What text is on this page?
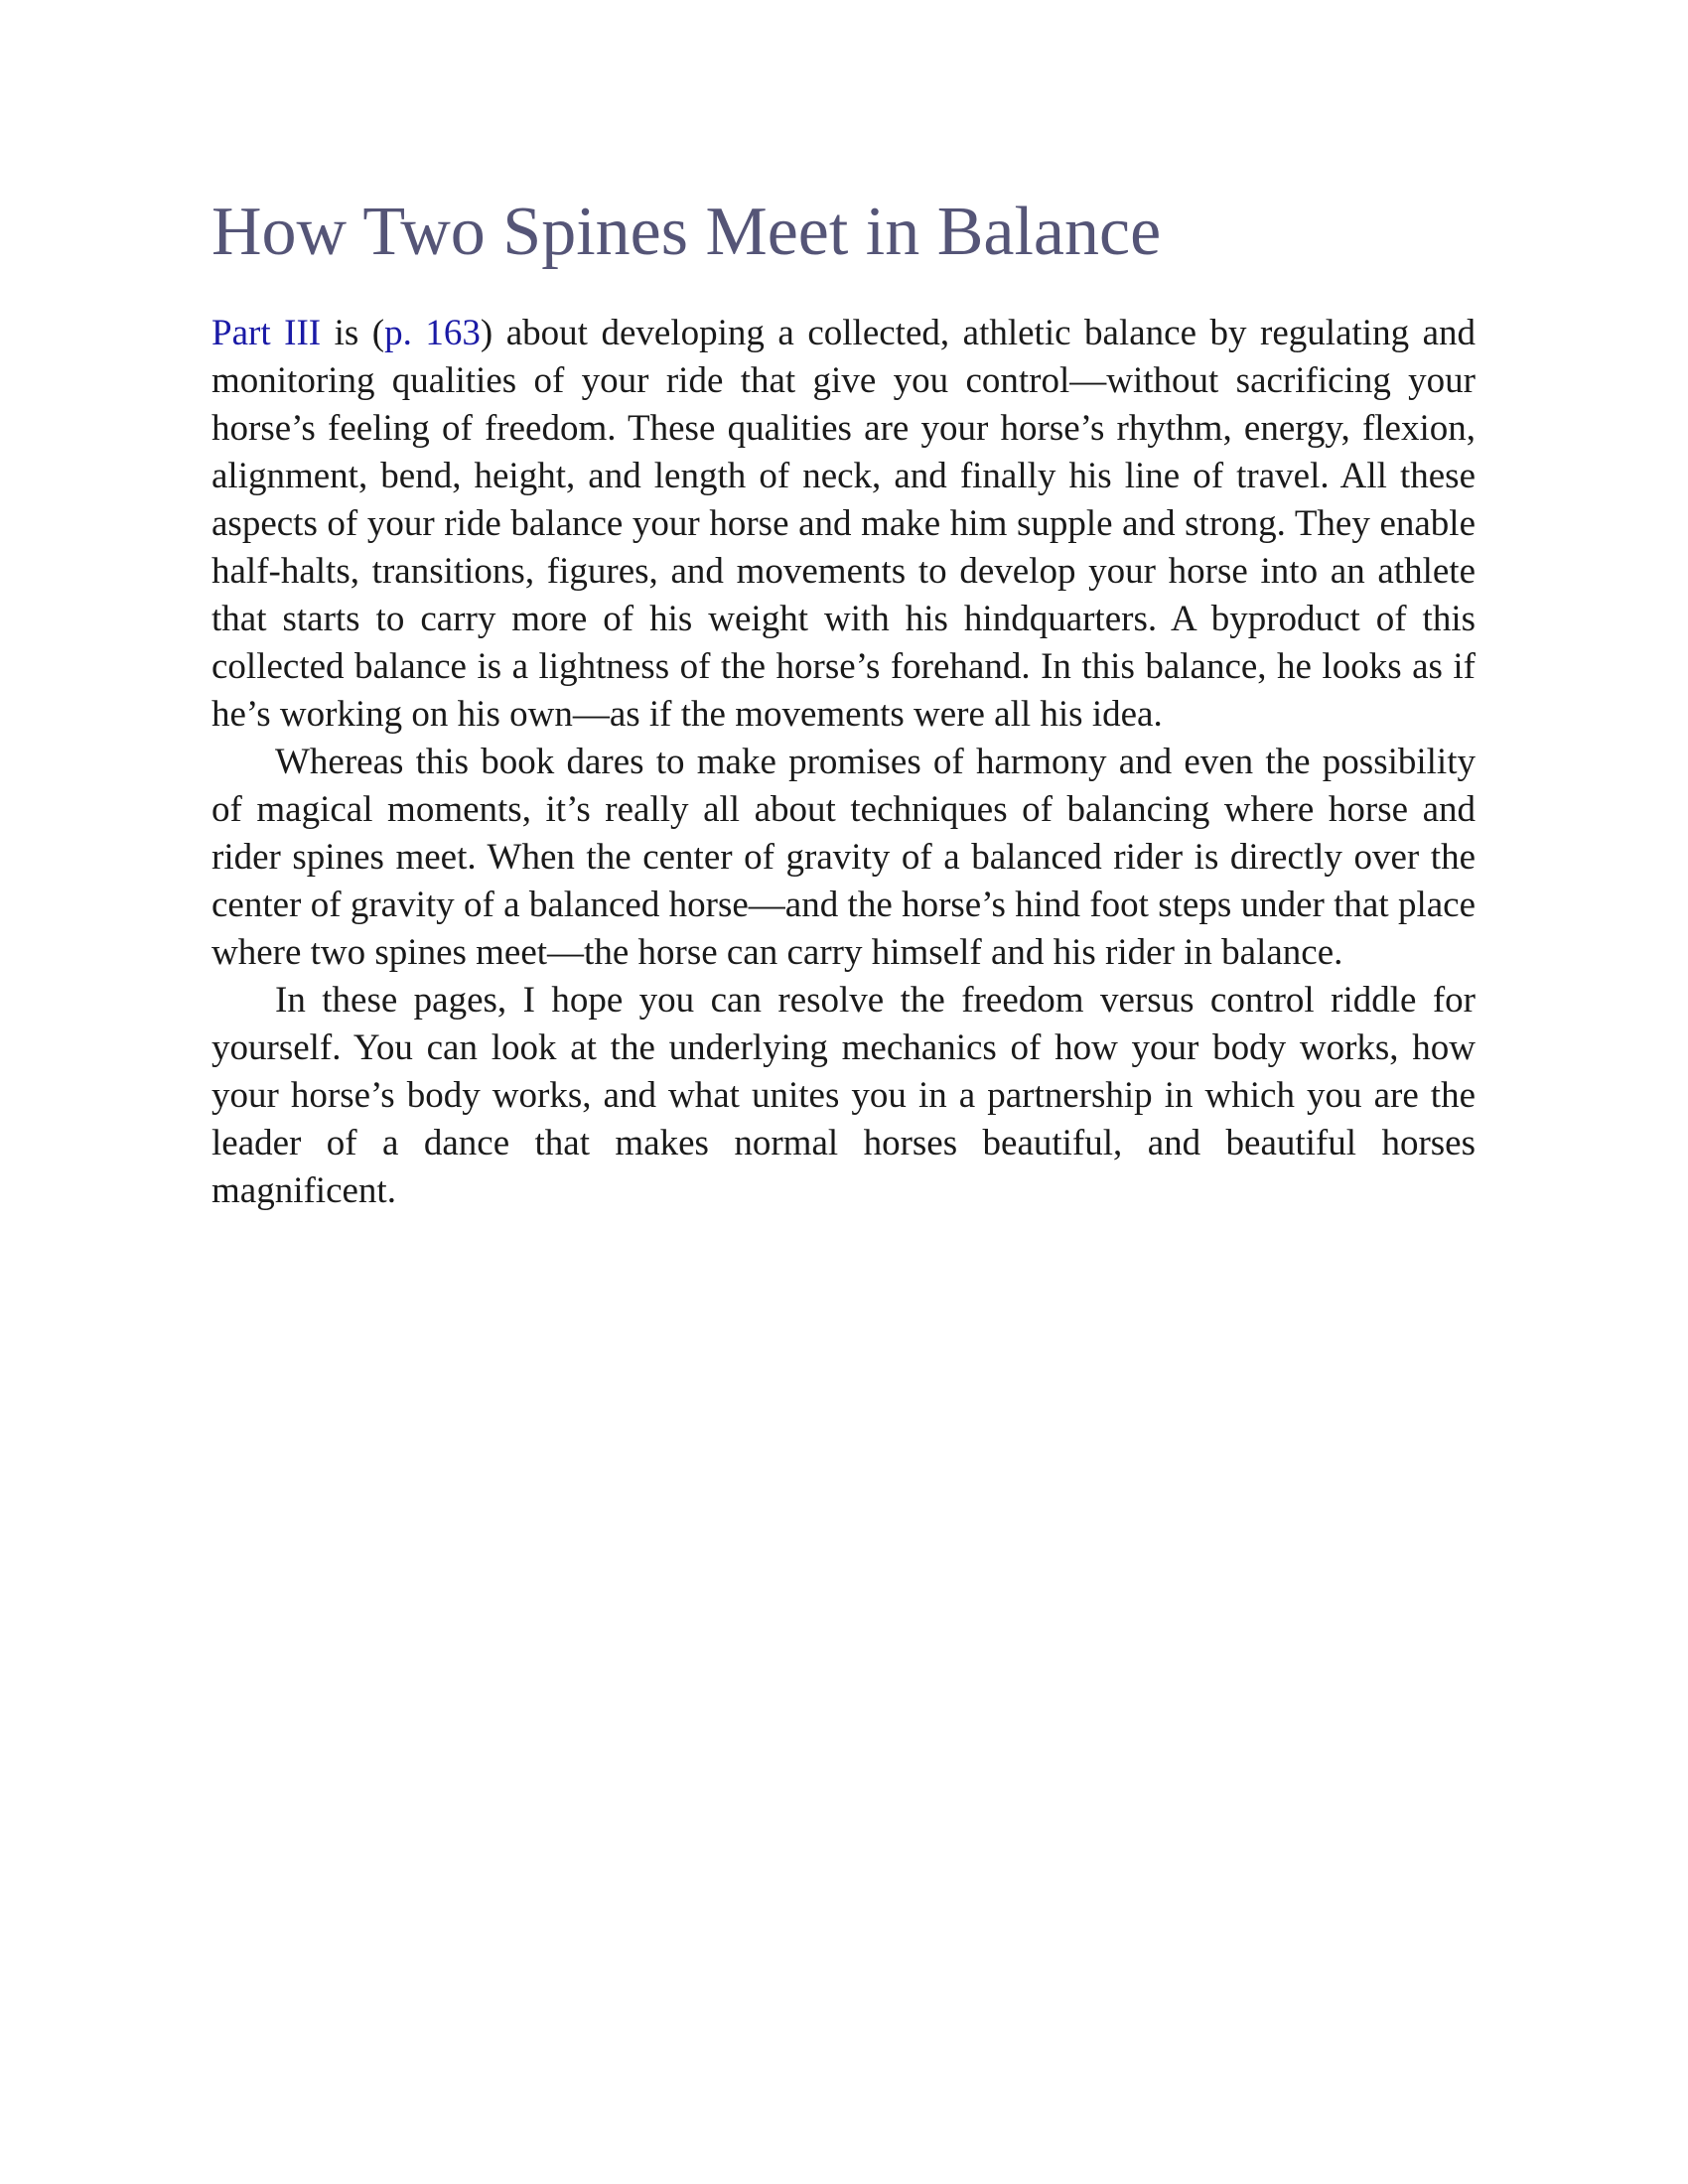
How Two Spines Meet in Balance

Part III is (p. 163) about developing a collected, athletic balance by regulating and monitoring qualities of your ride that give you control—without sacrificing your horse’s feeling of freedom. These qualities are your horse’s rhythm, energy, flexion, alignment, bend, height, and length of neck, and finally his line of travel. All these aspects of your ride balance your horse and make him supple and strong. They enable half-halts, transitions, figures, and movements to develop your horse into an athlete that starts to carry more of his weight with his hindquarters. A byproduct of this collected balance is a lightness of the horse’s forehand. In this balance, he looks as if he’s working on his own—as if the movements were all his idea.

Whereas this book dares to make promises of harmony and even the possibility of magical moments, it’s really all about techniques of balancing where horse and rider spines meet. When the center of gravity of a balanced rider is directly over the center of gravity of a balanced horse—and the horse’s hind foot steps under that place where two spines meet—the horse can carry himself and his rider in balance.

In these pages, I hope you can resolve the freedom versus control riddle for yourself. You can look at the underlying mechanics of how your body works, how your horse’s body works, and what unites you in a partnership in which you are the leader of a dance that makes normal horses beautiful, and beautiful horses magnificent.
